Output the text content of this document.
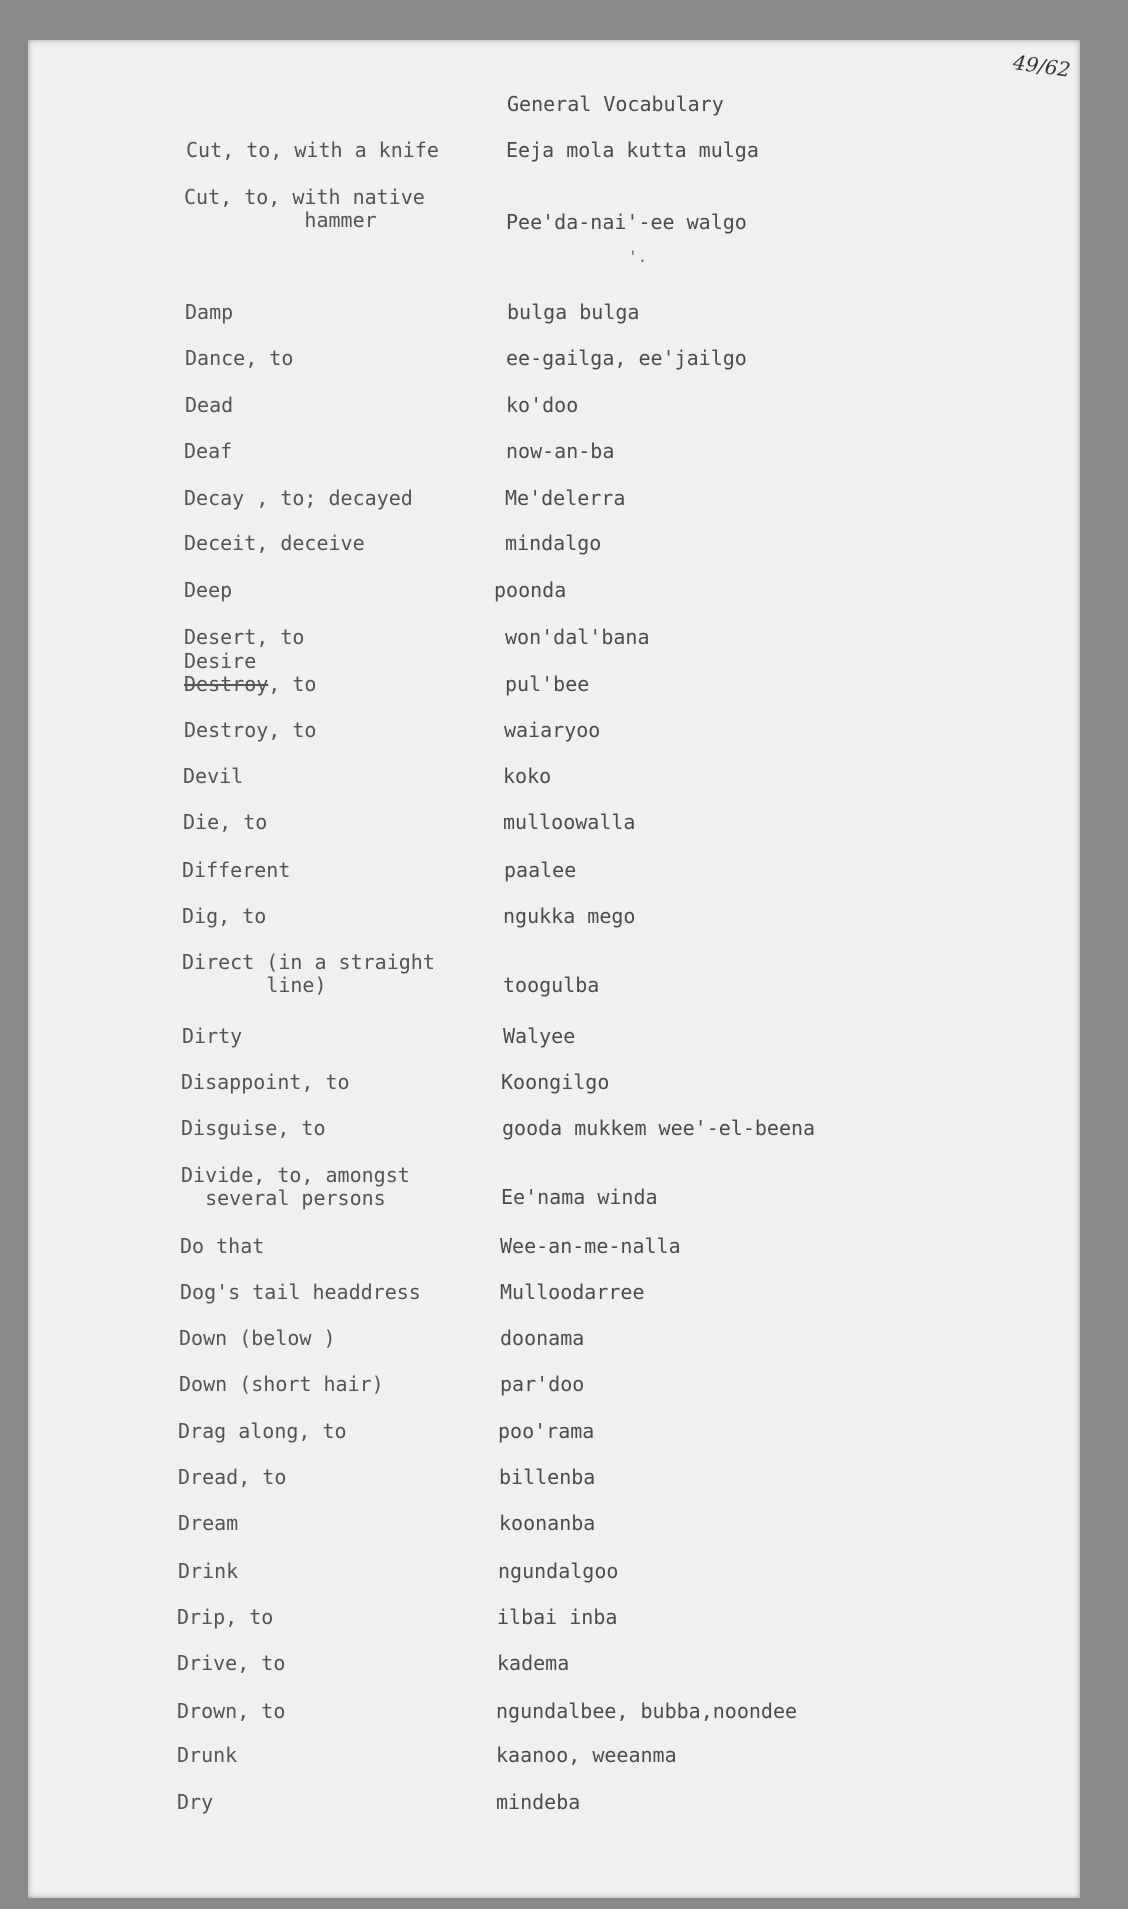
49/62
General Vocabulary
'.
Cut, to, with a knife	Eeja mola kutta mulga
Cut, to, with native
hammer	Pee'da-nai'-ee walgo
Damp	bulga bulga
Dance, to	ee-gailga, ee'jailgo
Dead	ko'doo
Deaf	now-an-ba
Decay , to; decayed	Me'delerra
Deceit, deceive	mindalgo
Deep	poonda
Desert, to	won'dal'bana
Desire
Destroy, to	pul'bee
Destroy, to	waiaryoo
Devil	koko
Die, to	mulloowalla
Different	paalee
Dig, to	ngukka mego
Direct (in a straight
line)	toogulba
Dirty	Walyee
Disappoint, to	Koongilgo
Disguise, to	gooda mukkem wee'-el-beena
Divide, to, amongst
several persons	Ee'nama winda
Do that	Wee-an-me-nalla
Dog's tail headdress	Mulloodarree
Down (below )	doonama
Down (short hair)	par'doo
Drag along, to	poo'rama
Dread, to	billenba
Dream	koonanba
Drink	ngundalgoo
Drip, to	ilbai inba
Drive, to	kadema
Drown, to	ngundalbee, bubba,noondee
Drunk	kaanoo, weeanma
Dry	mindeba
